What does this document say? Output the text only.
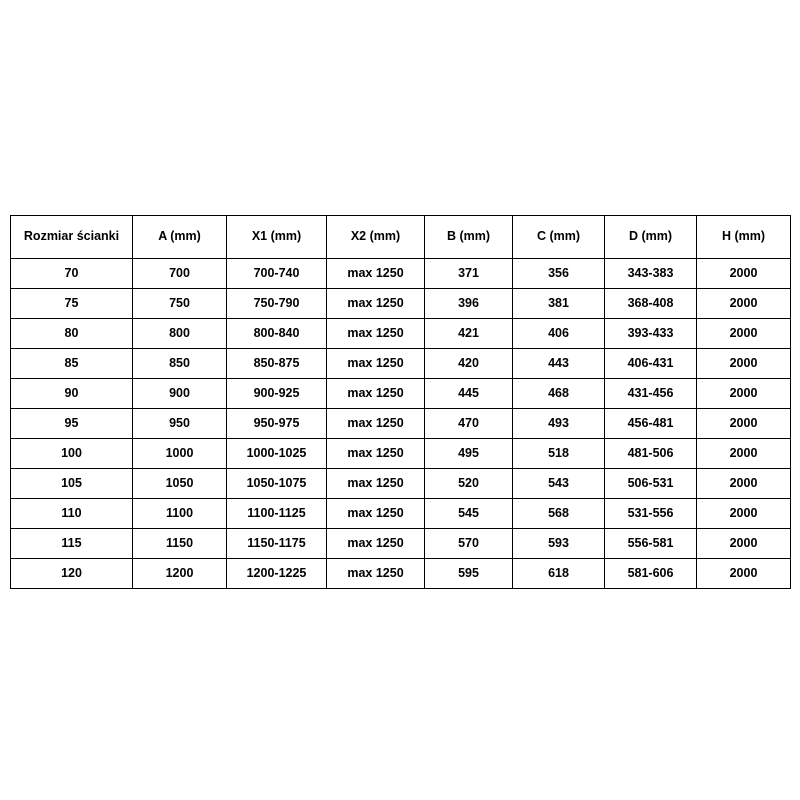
Rozmiar ścianki	A (mm)	X1 (mm)	X2 (mm)	B (mm)	C (mm)	D (mm)	H (mm)
70	700	700-740	max 1250	371	356	343-383	2000
75	750	750-790	max 1250	396	381	368-408	2000
80	800	800-840	max 1250	421	406	393-433	2000
85	850	850-875	max 1250	420	443	406-431	2000
90	900	900-925	max 1250	445	468	431-456	2000
95	950	950-975	max 1250	470	493	456-481	2000
100	1000	1000-1025	max 1250	495	518	481-506	2000
105	1050	1050-1075	max 1250	520	543	506-531	2000
110	1100	1100-1125	max 1250	545	568	531-556	2000
115	1150	1150-1175	max 1250	570	593	556-581	2000
120	1200	1200-1225	max 1250	595	618	581-606	2000
